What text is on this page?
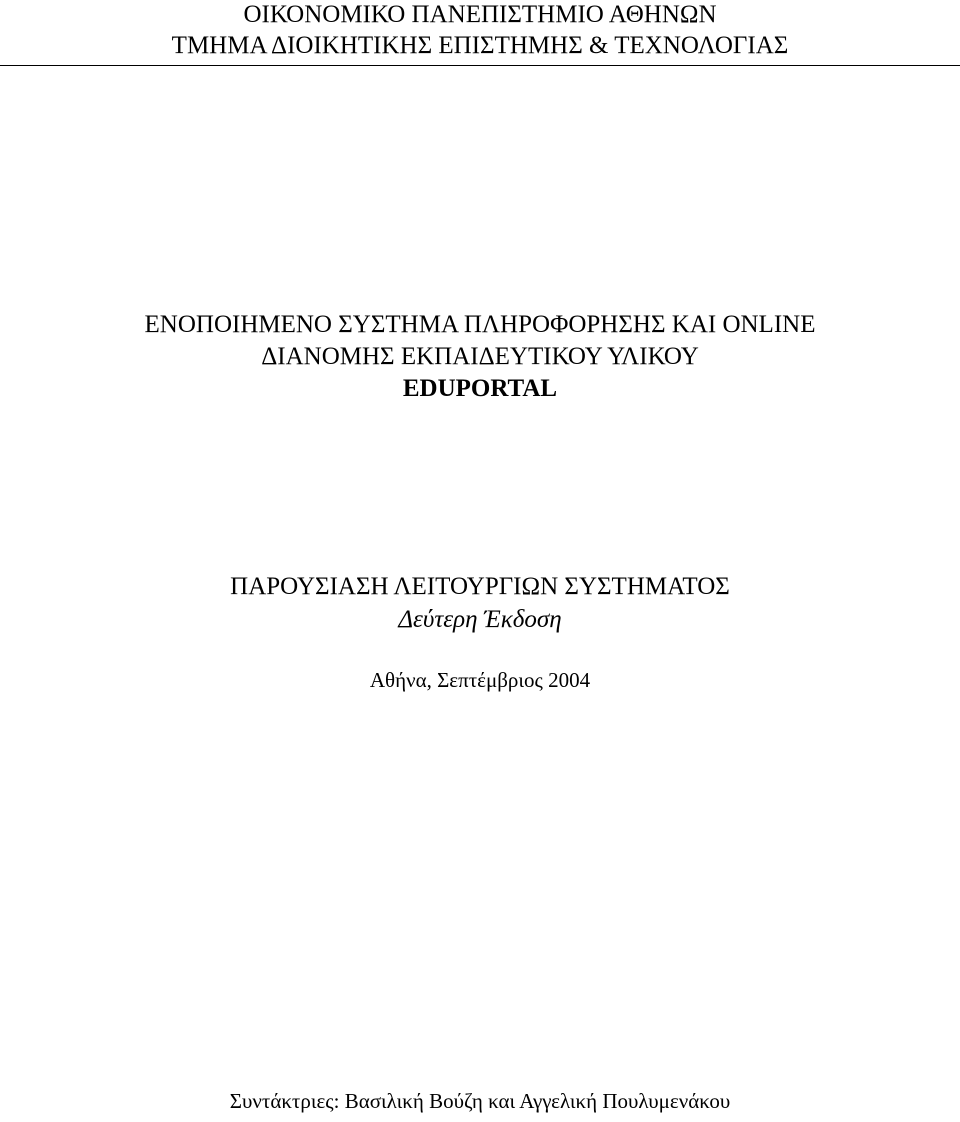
ΟΙΚΟΝΟΜΙΚΟ ΠΑΝΕΠΙΣΤΗΜΙΟ ΑΘΗΝΩΝ
ΤΜΗΜΑ ΔΙΟΙΚΗΤΙΚΗΣ ΕΠΙΣΤΗΜΗΣ & ΤΕΧΝΟΛΟΓΙΑΣ
ΕΝΟΠΟΙΗΜΕΝΟ ΣΥΣΤΗΜΑ ΠΛΗΡΟΦΟΡΗΣΗΣ ΚΑΙ ONLINE
ΔΙΑΝΟΜΗΣ ΕΚΠΑΙΔΕΥΤΙΚΟΥ ΥΛΙΚΟΥ
EDUPORTAL
ΠΑΡΟΥΣΙΑΣΗ ΛΕΙΤΟΥΡΓΙΩΝ ΣΥΣΤΗΜΑΤΟΣ
Δεύτερη Έκδοση
Αθήνα, Σεπτέμβριος 2004
Συντάκτριες: Βασιλική Βούζη και Αγγελική Πουλυμενάκου
